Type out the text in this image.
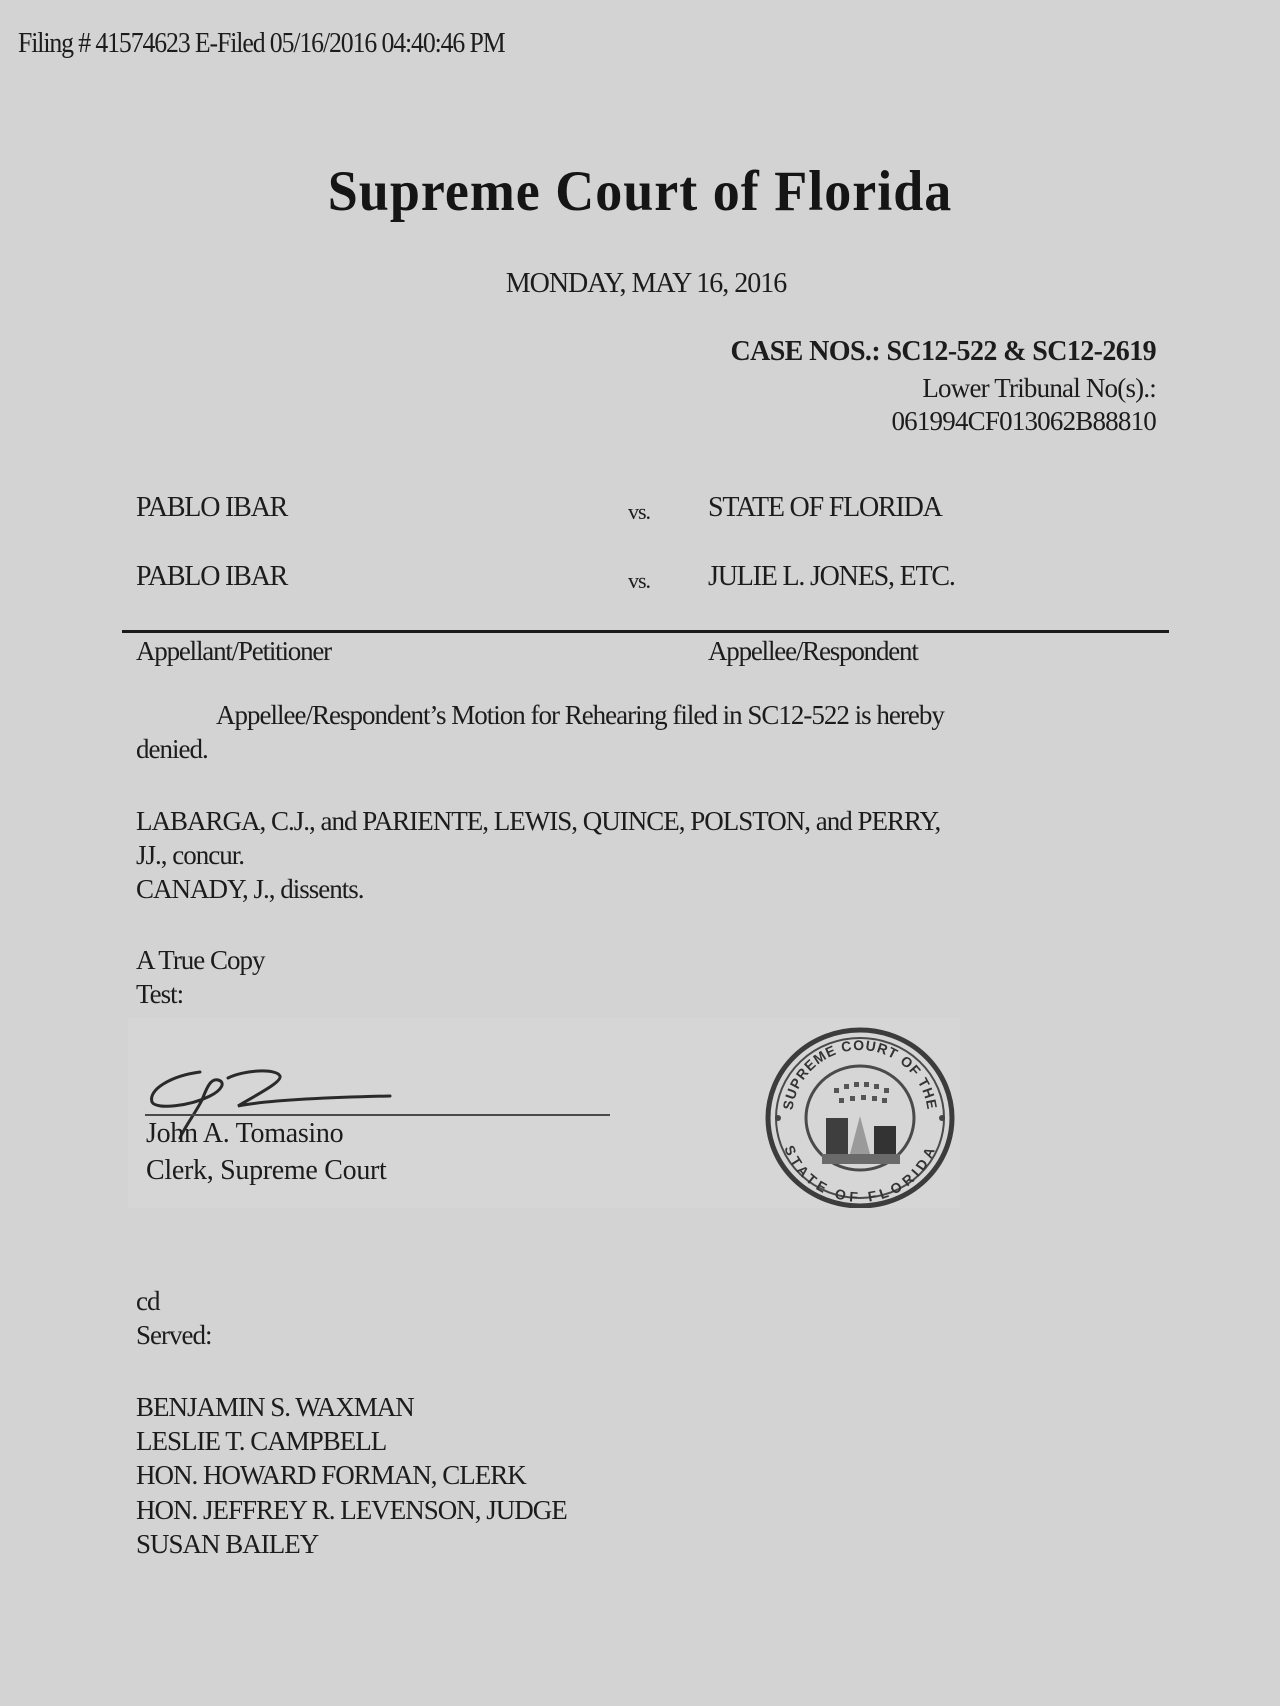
Filing # 41574623 E-Filed 05/16/2016 04:40:46 PM
Supreme Court of Florida
MONDAY, MAY 16, 2016
CASE NOS.: SC12-522 & SC12-2619
Lower Tribunal No(s).:
061994CF013062B88810
PABLO IBAR	vs. STATE OF FLORIDA
PABLO IBAR	vs. JULIE L. JONES, ETC.
Appellant/Petitioner	Appellee/Respondent
Appellee/Respondent’s Motion for Rehearing filed in SC12-522 is hereby
denied.
LABARGA, C.J., and PARIENTE, LEWIS, QUINCE, POLSTON, and PERRY,
JJ., concur.
CANADY, J., dissents.
A True Copy
Test:
John A. Tomasino
Clerk, Supreme Court
SUPREME COURT OF THE
STATE OF FLORIDA
cd
Served:
BENJAMIN S. WAXMAN
LESLIE T. CAMPBELL
HON. HOWARD FORMAN, CLERK
HON. JEFFREY R. LEVENSON, JUDGE
SUSAN BAILEY
